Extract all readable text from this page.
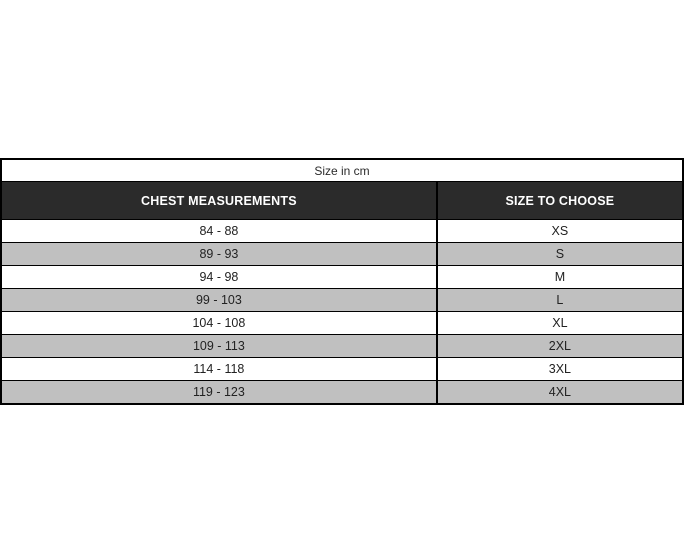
Size in cm	
CHEST MEASUREMENTS	SIZE TO CHOOSE
84 - 88	XS
89 - 93	S
94 - 98	M
99 - 103	L
104 - 108	XL
109 - 113	2XL
114 - 118	3XL
119 - 123	4XL
